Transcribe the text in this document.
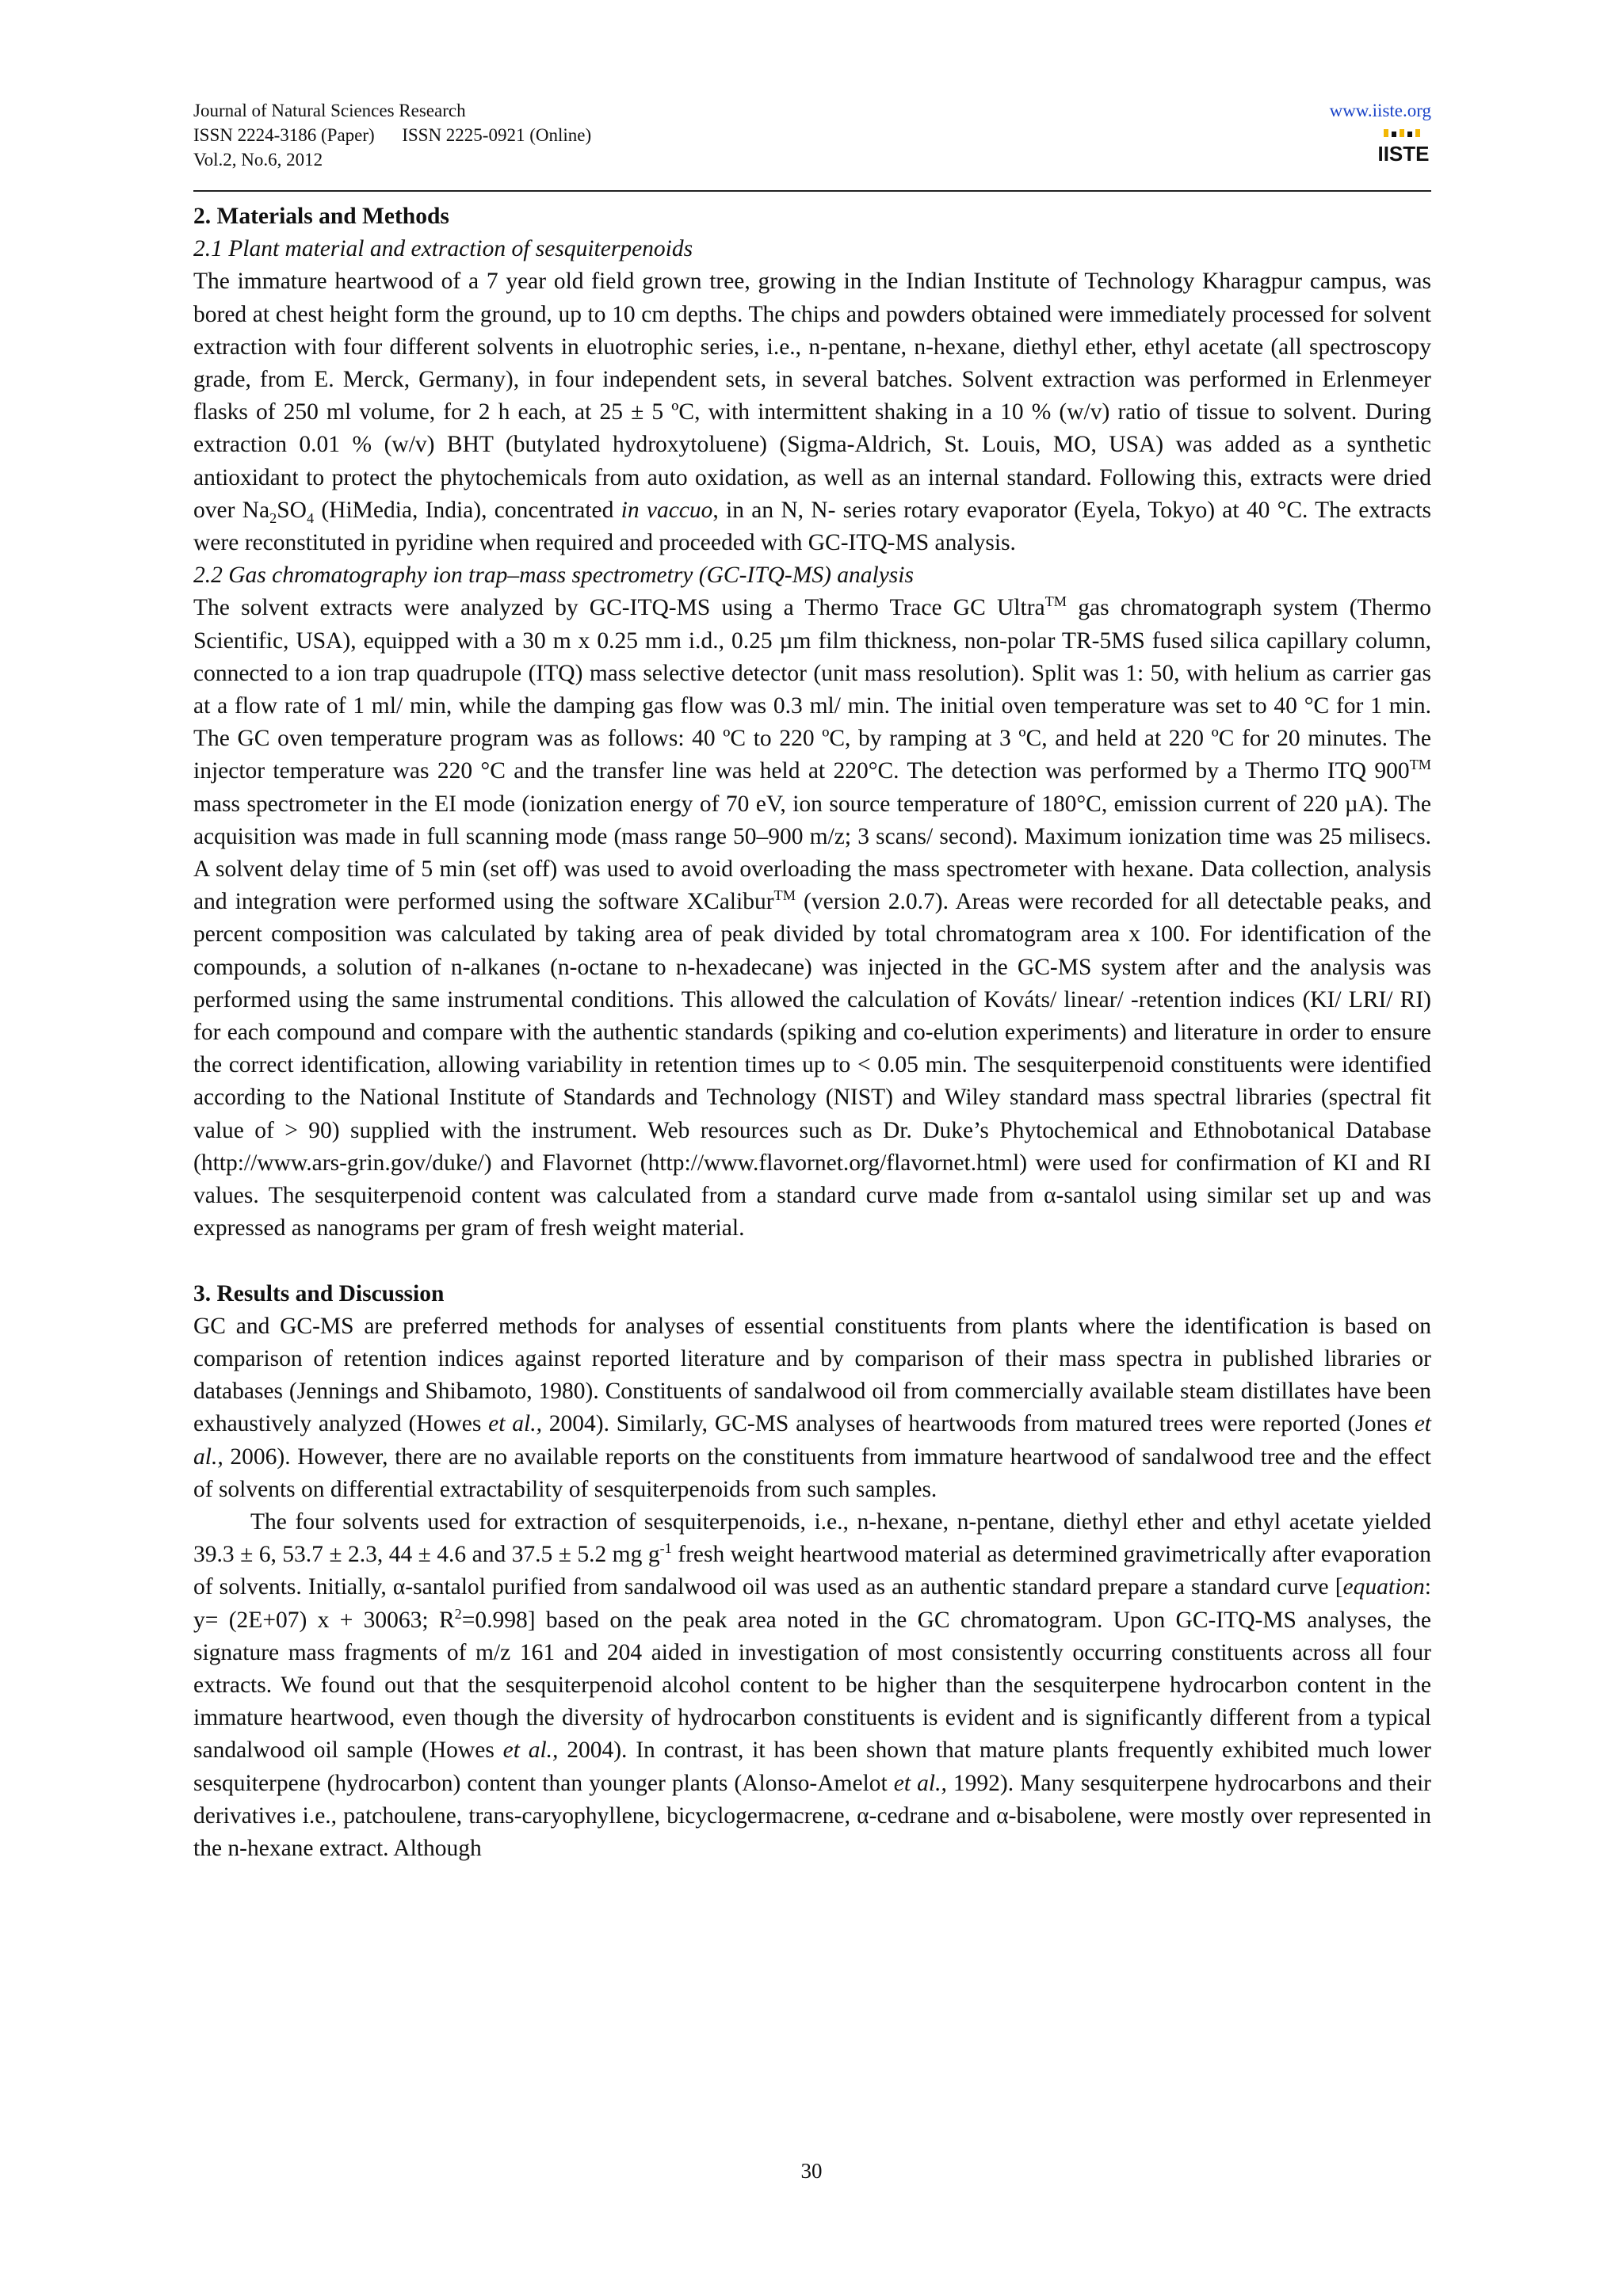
Journal of Natural Sciences Research
ISSN 2224-3186 (Paper)      ISSN 2225-0921 (Online)
Vol.2, No.6, 2012
www.iiste.org
IISTE

2. Materials and Methods

2.1 Plant material and extraction of sesquiterpenoids

The immature heartwood of a 7 year old field grown tree, growing in the Indian Institute of Technology Kharagpur campus, was bored at chest height form the ground, up to 10 cm depths. The chips and powders obtained were immediately processed for solvent extraction with four different solvents in eluotrophic series, i.e., n-pentane, n-hexane, diethyl ether, ethyl acetate (all spectroscopy grade, from E. Merck, Germany), in four independent sets, in several batches. Solvent extraction was performed in Erlenmeyer flasks of 250 ml volume, for 2 h each, at 25 ± 5 ºC, with intermittent shaking in a 10 % (w/v) ratio of tissue to solvent. During extraction 0.01 % (w/v) BHT (butylated hydroxytoluene) (Sigma-Aldrich, St. Louis, MO, USA) was added as a synthetic antioxidant to protect the phytochemicals from auto oxidation, as well as an internal standard. Following this, extracts were dried over $Na_2SO_4$ (HiMedia, India), concentrated in vaccuo, in an N, N- series rotary evaporator (Eyela, Tokyo) at 40 °C. The extracts were reconstituted in pyridine when required and proceeded with GC-ITQ-MS analysis.

2.2 Gas chromatography ion trap–mass spectrometry (GC-ITQ-MS) analysis

The solvent extracts were analyzed by GC-ITQ-MS using a Thermo Trace GC Ultra™ gas chromatograph system (Thermo Scientific, USA), equipped with a 30 m x 0.25 mm i.d., 0.25 µm film thickness, non-polar TR-5MS fused silica capillary column, connected to a ion trap quadrupole (ITQ) mass selective detector (unit mass resolution). Split was 1: 50, with helium as carrier gas at a flow rate of 1 ml/ min, while the damping gas flow was 0.3 ml/ min. The initial oven temperature was set to 40 °C for 1 min. The GC oven temperature program was as follows: 40 ºC to 220 ºC, by ramping at 3 ºC, and held at 220 ºC for 20 minutes. The injector temperature was 220 °C and the transfer line was held at 220°C. The detection was performed by a Thermo ITQ 900™ mass spectrometer in the EI mode (ionization energy of 70 eV, ion source temperature of 180°C, emission current of 220 µA). The acquisition was made in full scanning mode (mass range 50–900 m/z; 3 scans/ second). Maximum ionization time was 25 milisecs. A solvent delay time of 5 min (set off) was used to avoid overloading the mass spectrometer with hexane. Data collection, analysis and integration were performed using the software XCalibur™ (version 2.0.7). Areas were recorded for all detectable peaks, and percent composition was calculated by taking area of peak divided by total chromatogram area x 100. For identification of the compounds, a solution of n-alkanes (n-octane to n-hexadecane) was injected in the GC-MS system after and the analysis was performed using the same instrumental conditions. This allowed the calculation of Kováts/ linear/ -retention indices (KI/ LRI/ RI) for each compound and compare with the authentic standards (spiking and co-elution experiments) and literature in order to ensure the correct identification, allowing variability in retention times up to < 0.05 min. The sesquiterpenoid constituents were identified according to the National Institute of Standards and Technology (NIST) and Wiley standard mass spectral libraries (spectral fit value of > 90) supplied with the instrument. Web resources such as Dr. Duke’s Phytochemical and Ethnobotanical Database (http://www.ars-grin.gov/duke/) and Flavornet (http://www.flavornet.org/flavornet.html) were used for confirmation of KI and RI values. The sesquiterpenoid content was calculated from a standard curve made from α-santalol using similar set up and was expressed as nanograms per gram of fresh weight material.

3. Results and Discussion

GC and GC-MS are preferred methods for analyses of essential constituents from plants where the identification is based on comparison of retention indices against reported literature and by comparison of their mass spectra in published libraries or databases (Jennings and Shibamoto, 1980). Constituents of sandalwood oil from commercially available steam distillates have been exhaustively analyzed (Howes et al., 2004). Similarly, GC-MS analyses of heartwoods from matured trees were reported (Jones et al., 2006). However, there are no available reports on the constituents from immature heartwood of sandalwood tree and the effect of solvents on differential extractability of sesquiterpenoids from such samples.

The four solvents used for extraction of sesquiterpenoids, i.e., n-hexane, n-pentane, diethyl ether and ethyl acetate yielded 39.3 ± 6, 53.7 ± 2.3, 44 ± 4.6 and 37.5 ± 5.2 mg $g^{-1}$ fresh weight heartwood material as determined gravimetrically after evaporation of solvents. Initially, α-santalol purified from sandalwood oil was used as an authentic standard prepare a standard curve [equation: y= (2E+07) x + 30063; $R^2=0.998$] based on the peak area noted in the GC chromatogram. Upon GC-ITQ-MS analyses, the signature mass fragments of m/z 161 and 204 aided in investigation of most consistently occurring constituents across all four extracts. We found out that the sesquiterpenoid alcohol content to be higher than the sesquiterpene hydrocarbon content in the immature heartwood, even though the diversity of hydrocarbon constituents is evident and is significantly different from a typical sandalwood oil sample (Howes et al., 2004). In contrast, it has been shown that mature plants frequently exhibited much lower sesquiterpene (hydrocarbon) content than younger plants (Alonso-Amelot et al., 1992). Many sesquiterpene hydrocarbons and their derivatives i.e., patchoulene, trans-caryophyllene, bicyclogermacrene, α-cedrane and α-bisabolene, were mostly over represented in the n-hexane extract. Although

30
